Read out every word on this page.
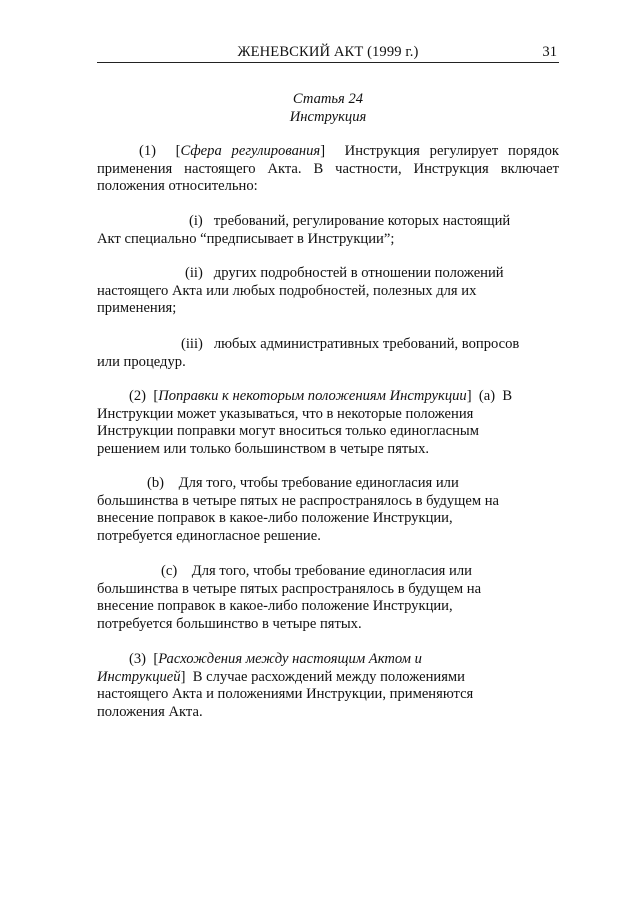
ЖЕНЕВСКИЙ АКТ (1999 г.)	31
Статья 24
Инструкция
(1)  [Сфера регулирования]  Инструкция регулирует порядок
применения настоящего Акта. В частности, Инструкция включает
положения относительно:
(i) требований, регулирование которых настоящий
Акт специально “предписывает в Инструкции”;
(ii) других подробностей в отношении положений
настоящего Акта или любых подробностей, полезных для их
применения;
(iii) любых административных требований, вопросов
или процедур.
(2)  [Поправки к некоторым положениям Инструкции]  (a) В
Инструкции может указываться, что в некоторые положения
Инструкции поправки могут вноситься только единогласным
решением или только большинством в четыре пятых.
(b) Для того, чтобы требование единогласия или
большинства в четыре пятых не распространялось в будущем на
внесение поправок в какое-либо положение Инструкции,
потребуется единогласное решение.
(c) Для того, чтобы требование единогласия или
большинства в четыре пятых распространялось в будущем на
внесение поправок в какое-либо положение Инструкции,
потребуется большинство в четыре пятых.
(3)  [Расхождения между настоящим Актом и
Инструкцией]  В случае расхождений между положениями
настоящего Акта и положениями Инструкции, применяются
положения Акта.
